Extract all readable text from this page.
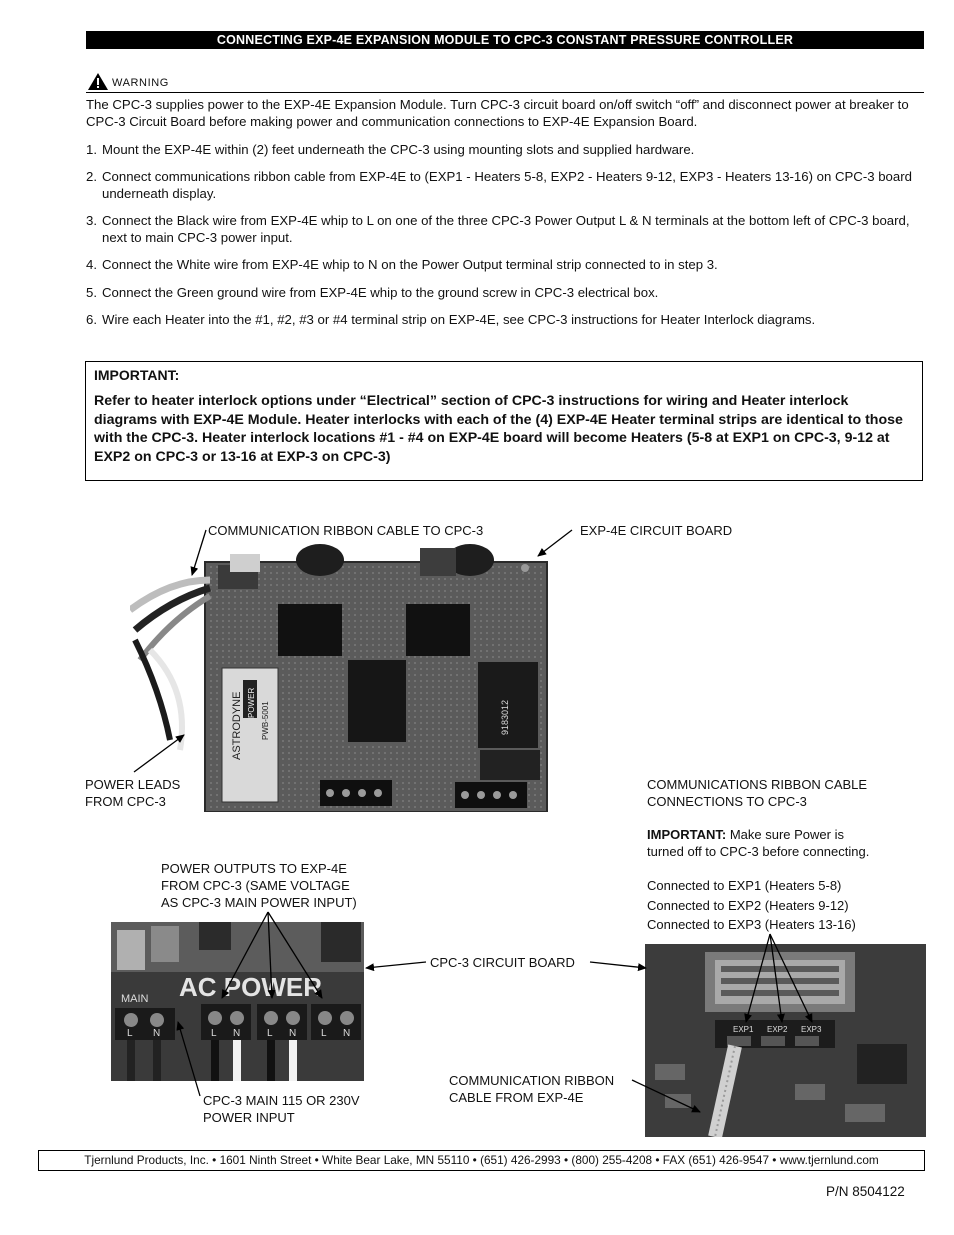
CONNECTING EXP-4E EXPANSION MODULE TO CPC-3 CONSTANT PRESSURE CONTROLLER
WARNING
The CPC-3 supplies power to the EXP-4E Expansion Module. Turn CPC-3 circuit board on/off switch “off” and disconnect power at breaker to CPC-3 Circuit Board before making power and communication connections to EXP-4E Expansion Board.
1. Mount the EXP-4E within (2) feet underneath the CPC-3 using mounting slots and supplied hardware.
2. Connect communications ribbon cable from EXP-4E to (EXP1 - Heaters 5-8, EXP2 - Heaters 9-12, EXP3 - Heaters 13-16) on CPC-3 board underneath display.
3. Connect the Black wire from EXP-4E whip to L on one of the three CPC-3 Power Output L & N terminals at the bottom left of CPC-3 board, next to main CPC-3 power input.
4. Connect the White wire from EXP-4E whip to N on the Power Output terminal strip connected to in step 3.
5. Connect the Green ground wire from EXP-4E whip to the ground screw in CPC-3 electrical box.
6. Wire each Heater into the #1, #2, #3 or #4 terminal strip on EXP-4E, see CPC-3 instructions for Heater Interlock diagrams.
IMPORTANT:
Refer to heater interlock options under “Electrical” section of CPC-3 instructions for wiring and Heater interlock diagrams with EXP-4E Module. Heater interlocks with each of the (4) EXP-4E Heater terminal strips are identical to those with the CPC-3. Heater interlock locations #1 - #4 on EXP-4E board will become Heaters (5-8 at EXP1 on CPC-3, 9-12 at EXP2 on CPC-3 or 13-16 at EXP-3 on CPC-3)
ASTRODYNE POWER PWB-5001	9183012
AC POWER
MAIN
L N	L N	L N L N	EXP1 EXP2 EXP3
COMMUNICATION RIBBON CABLE TO CPC-3	EXP-4E CIRCUIT BOARD
POWER LEADS
FROM CPC-3
COMMUNICATIONS RIBBON CABLE
CONNECTIONS TO CPC-3
IMPORTANT: Make sure Power is
turned off to CPC-3 before connecting.
Connected to EXP1 (Heaters 5-8)
Connected to EXP2 (Heaters 9-12)
Connected to EXP3 (Heaters 13-16)
POWER OUTPUTS TO EXP-4E
FROM CPC-3 (SAME VOLTAGE
AS CPC-3 MAIN POWER INPUT)
CPC-3 CIRCUIT BOARD
CPC-3 MAIN 115 OR 230V
POWER INPUT
COMMUNICATION RIBBON
CABLE FROM EXP-4E
Tjernlund Products, Inc. • 1601 Ninth Street • White Bear Lake, MN 55110 • (651) 426-2993 • (800) 255-4208 • FAX (651) 426-9547 • www.tjernlund.com
P/N 8504122
